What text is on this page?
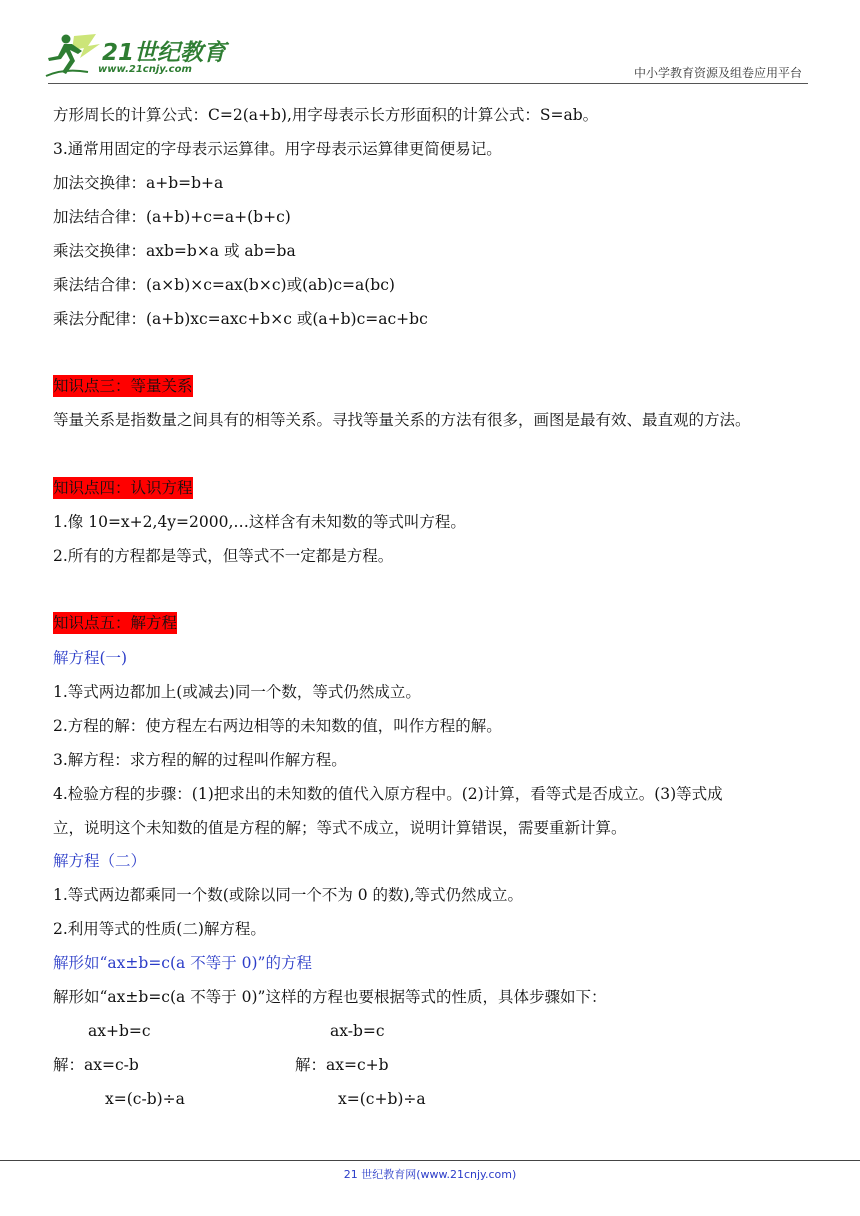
21世纪教育
www.21cnjy.com	中小学教育资源及组卷应用平台
方形周长的计算公式：C=2(a+b),用字母表示长方形面积的计算公式：S=ab。
3.通常用固定的字母表示运算律。用字母表示运算律更简便易记。
加法交换律：a+b=b+a
加法结合律：(a+b)+c=a+(b+c)
乘法交换律：axb=b×a 或 ab=ba
乘法结合律：(a×b)×c=ax(b×c)或(ab)c=a(bc)
乘法分配律：(a+b)xc=axc+b×c 或(a+b)c=ac+bc
知识点三：等量关系
等量关系是指数量之间具有的相等关系。寻找等量关系的方法有很多，画图是最有效、最直观的方法。
知识点四：认识方程
1.像 10=x+2,4y=2000,…这样含有未知数的等式叫方程。
2.所有的方程都是等式，但等式不一定都是方程。
知识点五：解方程
解方程(一)
1.等式两边都加上(或减去)同一个数，等式仍然成立。
2.方程的解：使方程左右两边相等的未知数的值，叫作方程的解。
3.解方程：求方程的解的过程叫作解方程。
4.检验方程的步骤：(1)把求出的未知数的值代入原方程中。(2)计算，看等式是否成立。(3)等式成
立，说明这个未知数的值是方程的解；等式不成立，说明计算错误，需要重新计算。
解方程（二）
1.等式两边都乘同一个数(或除以同一个不为 0 的数),等式仍然成立。
2.利用等式的性质(二)解方程。
解形如“ax±b=c(a 不等于 0)”的方程
解形如“ax±b=c(a 不等于 0)”这样的方程也要根据等式的性质，具体步骤如下：
ax+b=c	ax-b=c
解：ax=c-b	解：ax=c+b
x=(c-b)÷a	x=(c+b)÷a
21 世纪教育网(www.21cnjy.com)
